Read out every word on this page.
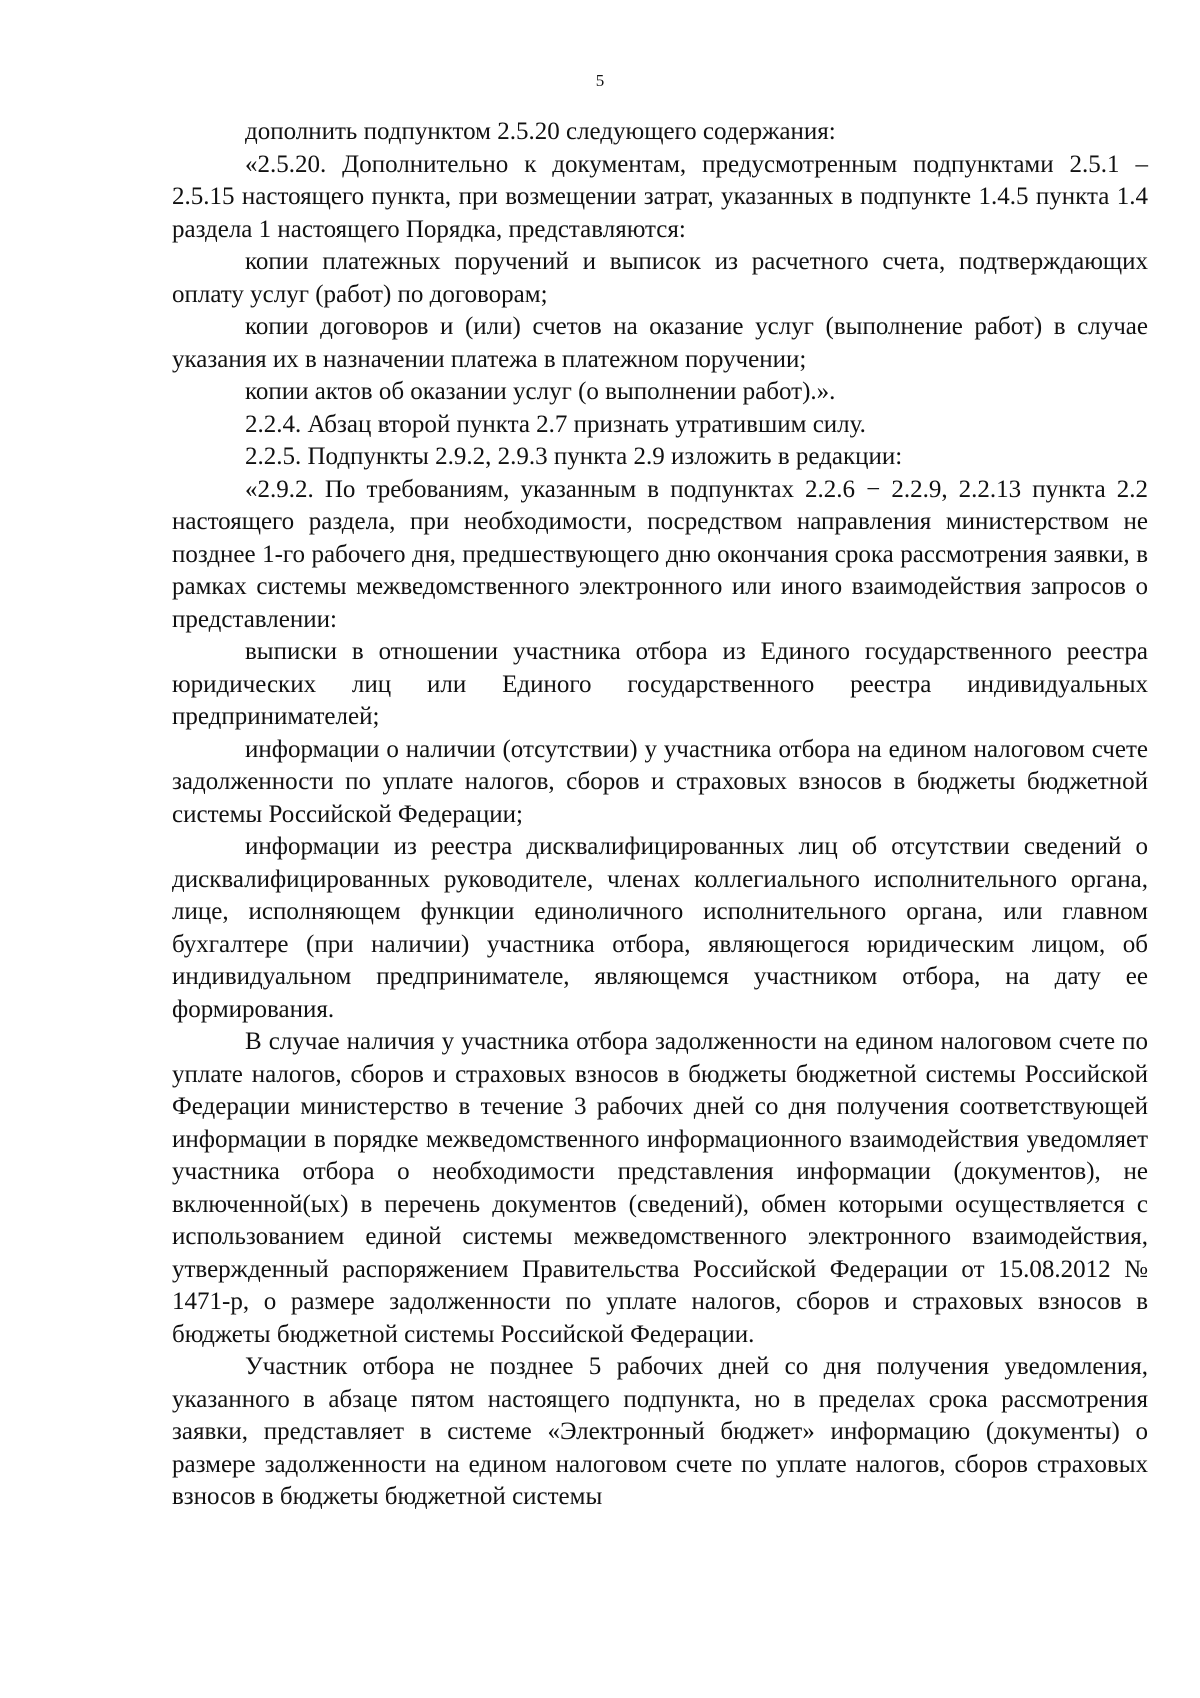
5

дополнить подпунктом 2.5.20 следующего содержания:

«2.5.20. Дополнительно к документам, предусмотренным подпунктами 2.5.1 – 2.5.15 настоящего пункта, при возмещении затрат, указанных в подпункте 1.4.5 пункта 1.4 раздела 1 настоящего Порядка, представляются:

копии платежных поручений и выписок из расчетного счета, подтверждающих оплату услуг (работ) по договорам;

копии договоров и (или) счетов на оказание услуг (выполнение работ) в случае указания их в назначении платежа в платежном поручении;

копии актов об оказании услуг (о выполнении работ).».

2.2.4. Абзац второй пункта 2.7 признать утратившим силу.

2.2.5. Подпункты 2.9.2, 2.9.3 пункта 2.9 изложить в редакции:

«2.9.2. По требованиям, указанным в подпунктах 2.2.6 − 2.2.9, 2.2.13 пункта 2.2 настоящего раздела, при необходимости, посредством направления министерством не позднее 1-го рабочего дня, предшествующего дню окончания срока рассмотрения заявки, в рамках системы межведомственного электронного или иного взаимодействия запросов о представлении:

выписки в отношении участника отбора из Единого государственного реестра юридических лиц или Единого государственного реестра индивидуальных предпринимателей;

информации о наличии (отсутствии) у участника отбора на едином налоговом счете задолженности по уплате налогов, сборов и страховых взносов в бюджеты бюджетной системы Российской Федерации;

информации из реестра дисквалифицированных лиц об отсутствии сведений о дисквалифицированных руководителе, членах коллегиального исполнительного органа, лице, исполняющем функции единоличного исполнительного органа, или главном бухгалтере (при наличии) участника отбора, являющегося юридическим лицом, об индивидуальном предпринимателе, являющемся участником отбора, на дату ее формирования.

В случае наличия у участника отбора задолженности на едином налоговом счете по уплате налогов, сборов и страховых взносов в бюджеты бюджетной системы Российской Федерации министерство в течение 3 рабочих дней со дня получения соответствующей информации в порядке межведомственного информационного взаимодействия уведомляет участника отбора о необходимости представления информации (документов), не включенной(ых) в перечень документов (сведений), обмен которыми осуществляется с использованием единой системы межведомственного электронного взаимодействия, утвержденный распоряжением Правительства Российской Федерации от 15.08.2012 № 1471-р, о размере задолженности по уплате налогов, сборов и страховых взносов в бюджеты бюджетной системы Российской Федерации.

Участник отбора не позднее 5 рабочих дней со дня получения уведомления, указанного в абзаце пятом настоящего подпункта, но в пределах срока рассмотрения заявки, представляет в системе «Электронный бюджет» информацию (документы) о размере задолженности на едином налоговом счете по уплате налогов, сборов страховых взносов в бюджеты бюджетной системы
